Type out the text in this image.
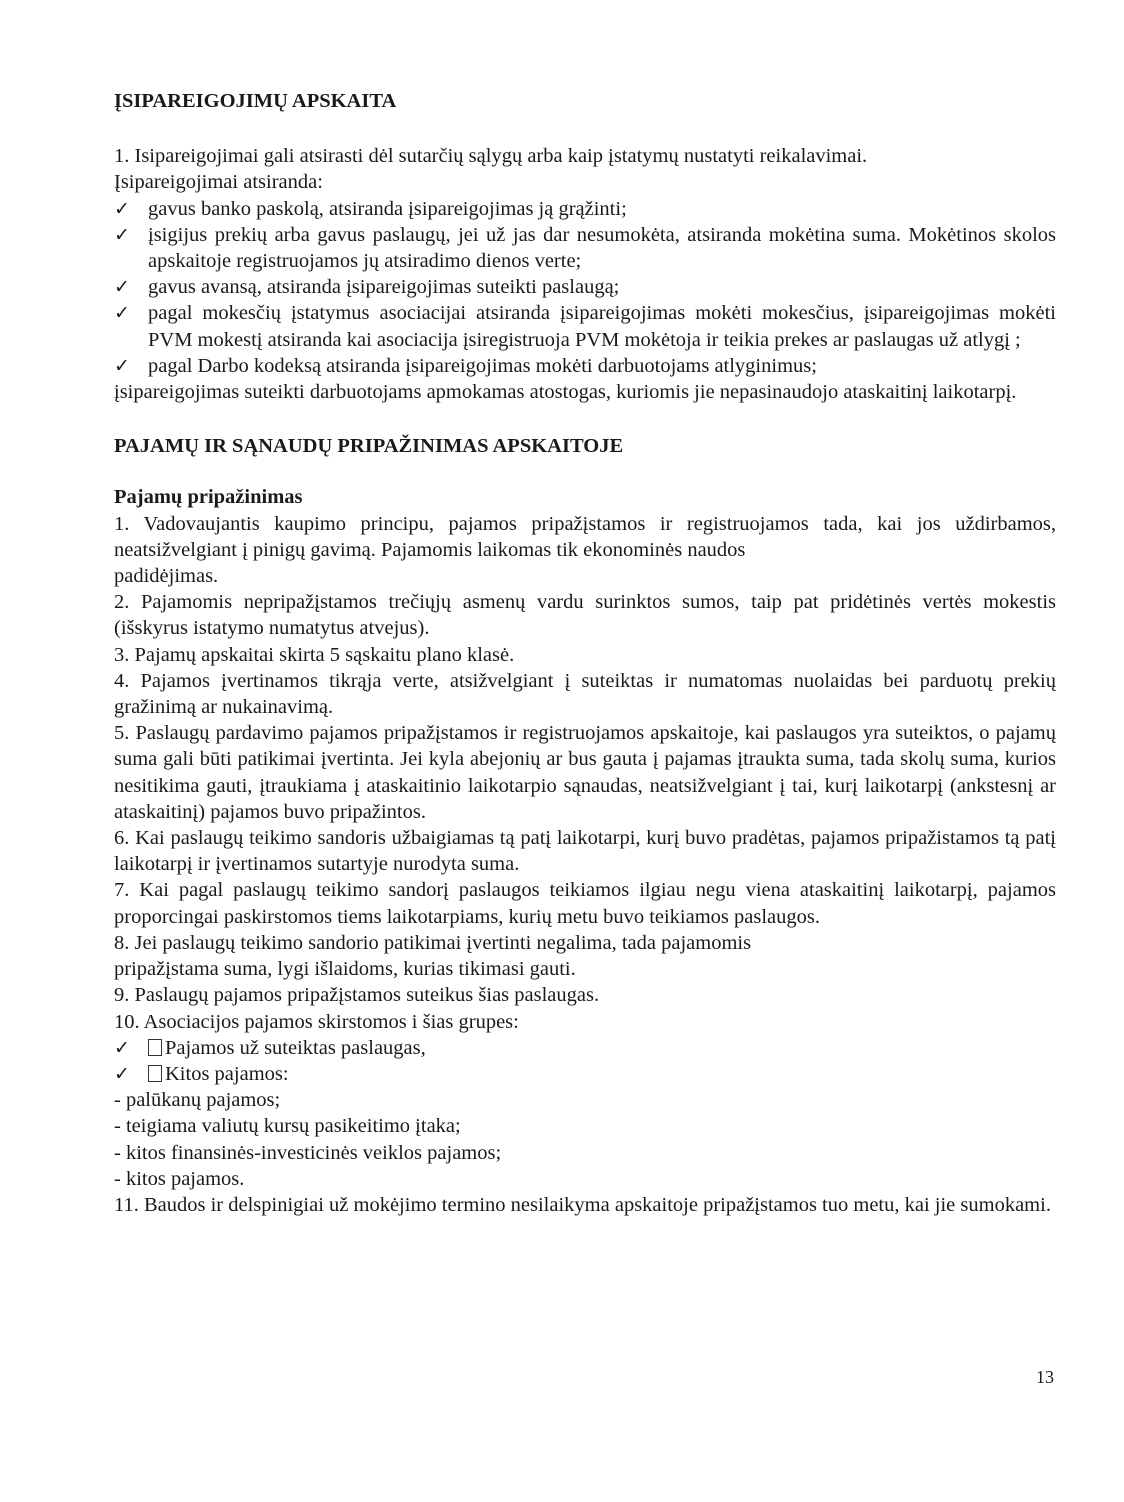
ĮSIPAREIGOJIMŲ APSKAITA

1. Isipareigojimai gali atsirasti dėl sutarčių sąlygų arba kaip įstatymų nustatyti reikalavimai.

Įsipareigojimai atsiranda:

✓ gavus banko paskolą, atsiranda įsipareigojimas ją grąžinti;
✓ įsigijus prekių arba gavus paslaugų, jei už jas dar nesumokėta, atsiranda mokėtina suma. Mokėtinos skolos apskaitoje registruojamos jų atsiradimo dienos verte;
✓ gavus avansą, atsiranda įsipareigojimas suteikti paslaugą;
✓ pagal mokesčių įstatymus asociacijai atsiranda įsipareigojimas mokėti mokesčius, įsipareigojimas mokėti PVM mokestį atsiranda kai asociacija įsiregistruoja PVM mokėtoja ir teikia prekes ar paslaugas už atlygį ;
✓ pagal Darbo kodeksą atsiranda įsipareigojimas mokėti darbuotojams atlyginimus;

įsipareigojimas suteikti darbuotojams apmokamas atostogas, kuriomis jie nepasinaudojo ataskaitinį laikotarpį.

PAJAMŲ IR SĄNAUDŲ PRIPAŽINIMAS APSKAITOJE
Pajamų pripažinimas

1. Vadovaujantis kaupimo principu, pajamos pripažįstamos ir registruojamos tada, kai jos uždirbamos, neatsižvelgiant į pinigų gavimą. Pajamomis laikomas tik ekonominės naudos

padidėjimas.

2. Pajamomis nepripažįstamos trečiųjų asmenų vardu surinktos sumos, taip pat pridėtinės vertės mokestis (išskyrus istatymo numatytus atvejus).

3. Pajamų apskaitai skirta 5 sąskaitu plano klasė.

4. Pajamos įvertinamos tikrąja verte, atsižvelgiant į suteiktas ir numatomas nuolaidas bei parduotų prekių gražinimą ar nukainavimą.

5. Paslaugų pardavimo pajamos pripažįstamos ir registruojamos apskaitoje, kai paslaugos yra suteiktos, o pajamų suma gali būti patikimai įvertinta. Jei kyla abejonių ar bus gauta į pajamas įtraukta suma, tada skolų suma, kurios nesitikima gauti, įtraukiama į ataskaitinio laikotarpio sąnaudas, neatsižvelgiant į tai, kurį laikotarpį (ankstesnį ar ataskaitinį) pajamos buvo pripažintos.

6. Kai paslaugų teikimo sandoris užbaigiamas tą patį laikotarpi, kurį buvo pradėtas, pajamos pripažistamos tą patį laikotarpį ir įvertinamos sutartyje nurodyta suma.

7. Kai pagal paslaugų teikimo sandorį paslaugos teikiamos ilgiau negu viena ataskaitinį laikotarpį, pajamos proporcingai paskirstomos tiems laikotarpiams, kurių metu buvo teikiamos paslaugos.

8. Jei paslaugų teikimo sandorio patikimai įvertinti negalima, tada pajamomis

pripažįstama suma, lygi išlaidoms, kurias tikimasi gauti.

9. Paslaugų pajamos pripažįstamos suteikus šias paslaugas.

10. Asociacijos pajamos skirstomos i šias grupes:

✓	Pajamos už suteiktas paslaugas,
✓	Kitos pajamos:

- palūkanų pajamos;

- teigiama valiutų kursų pasikeitimo įtaka;

- kitos finansinės-investicinės veiklos pajamos;

- kitos pajamos.

11. Baudos ir delspinigiai už mokėjimo termino nesilaikyma apskaitoje pripažįstamos tuo metu, kai jie sumokami.

13
